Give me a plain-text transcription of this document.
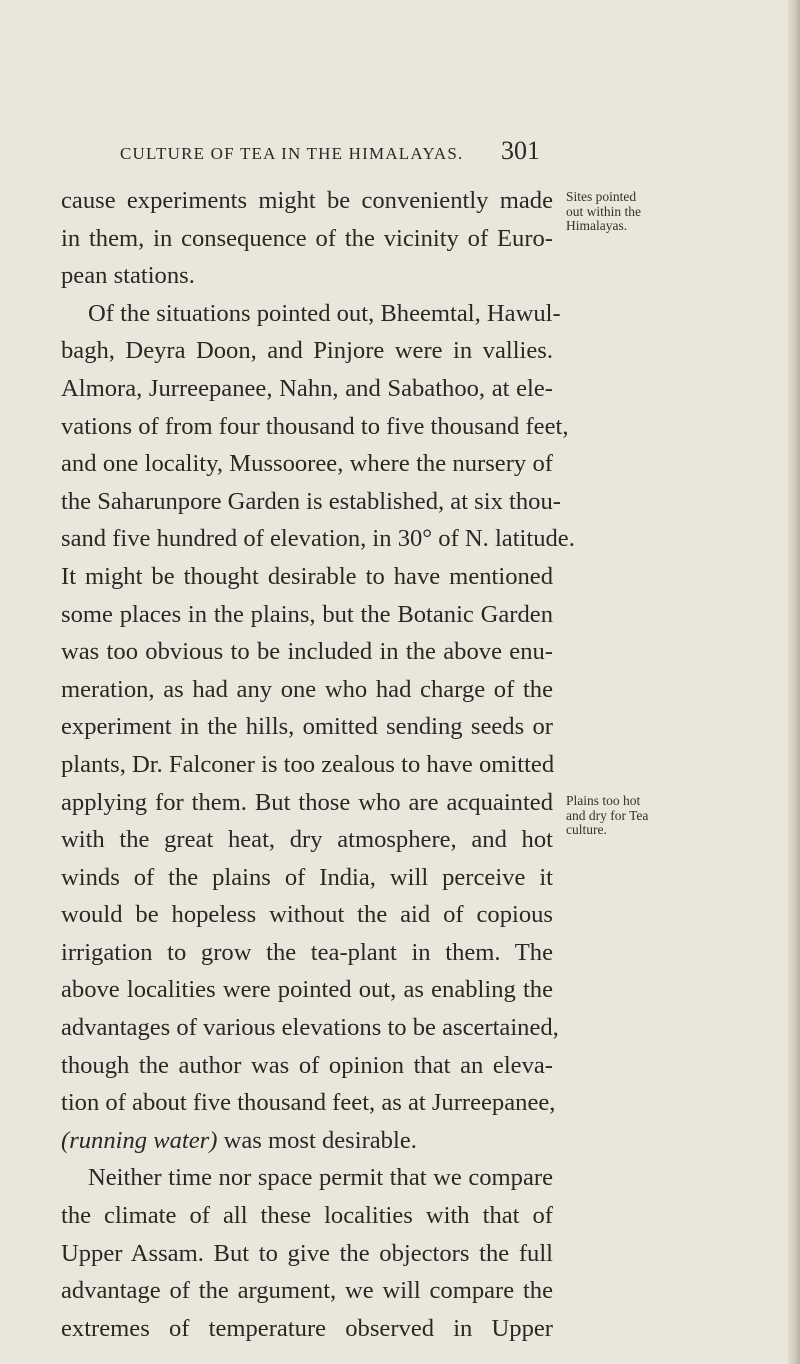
CULTURE OF TEA IN THE HIMALAYAS. 301
cause experiments might be conveniently made
in them, in consequence of the vicinity of Euro-
pean stations.
Of the situations pointed out, Bheemtal, Hawul-
bagh, Deyra Doon, and Pinjore were in vallies.
Almora, Jurreepanee, Nahn, and Sabathoo, at ele-
vations of from four thousand to five thousand feet,
and one locality, Mussooree, where the nursery of
the Saharunpore Garden is established, at six thou-
sand five hundred of elevation, in 30° of N. latitude.
It might be thought desirable to have mentioned
some places in the plains, but the Botanic Garden
was too obvious to be included in the above enu-
meration, as had any one who had charge of the
experiment in the hills, omitted sending seeds or
plants, Dr. Falconer is too zealous to have omitted
applying for them. But those who are acquainted
with the great heat, dry atmosphere, and hot
winds of the plains of India, will perceive it
would be hopeless without the aid of copious
irrigation to grow the tea-plant in them. The
above localities were pointed out, as enabling the
advantages of various elevations to be ascertained,
though the author was of opinion that an eleva-
tion of about five thousand feet, as at Jurreepanee,
(running water) was most desirable.
Neither time nor space permit that we compare
the climate of all these localities with that of
Upper Assam. But to give the objectors the full
advantage of the argument, we will compare the
extremes of temperature observed in Upper
Sites pointed
out within the
Himalayas.
Plains too hot
and dry for Tea
culture.
